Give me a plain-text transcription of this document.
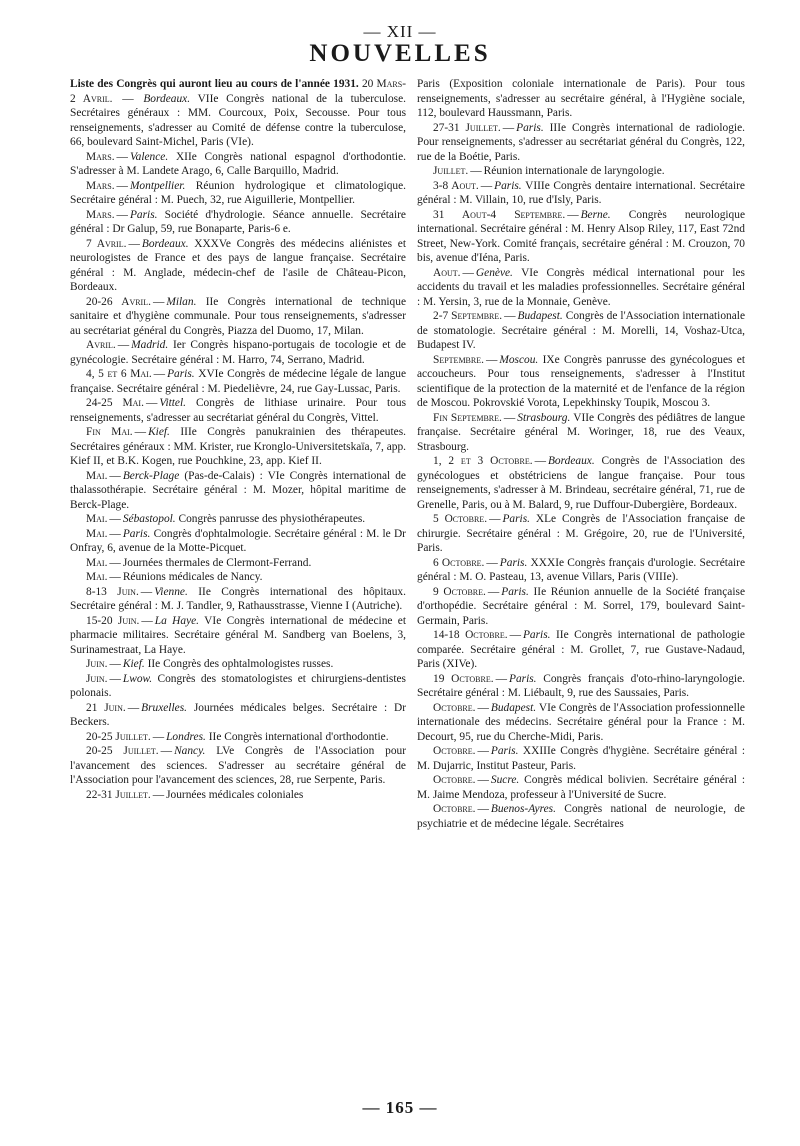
— XII —
NOUVELLES

Liste des Congrès qui auront lieu au cours de l'année 1931. 20 Mars-2 Avril. — Bordeaux. VIIe Congrès national de la tuberculose. Secrétaires généraux : MM. Courcoux, Poix, Secousse. Pour tous renseignements, s'adresser au Comité de défense contre la tuberculose, 66, boulevard Saint-Michel, Paris (VIe).

Mars. — Valence. XIIe Congrès national espagnol d'orthodontie. S'adresser à M. Landete Arago, 6, Calle Barquillo, Madrid.

Mars. — Montpellier. Réunion hydrologique et climatologique. Secrétaire général : M. Puech, 32, rue Aiguillerie, Montpellier.

Mars. — Paris. Société d'hydrologie. Séance annuelle. Secrétaire général : Dr Galup, 59, rue Bonaparte, Paris-6 e.

7 Avril. — Bordeaux. XXXVe Congrès des médecins aliénistes et neurologistes de France et des pays de langue française. Secrétaire général : M. Anglade, médecin-chef de l'asile de Château-Picon, Bordeaux.

20-26 Avril. — Milan. IIe Congrès international de technique sanitaire et d'hygiène communale. Pour tous renseignements, s'adresser au secrétariat général du Congrès, Piazza del Duomo, 17, Milan.

Avril. — Madrid. Ier Congrès hispano-portugais de tocologie et de gynécologie. Secrétaire général : M. Harro, 74, Serrano, Madrid.

4, 5 et 6 Mai. — Paris. XVIe Congrès de médecine légale de langue française. Secrétaire général : M. Piedelièvre, 24, rue Gay-Lussac, Paris.

24-25 Mai. — Vittel. Congrès de lithiase urinaire. Pour tous renseignements, s'adresser au secrétariat général du Congrès, Vittel.

Fin Mai. — Kief. IIIe Congrès panukrainien des thérapeutes. Secrétaires généraux : MM. Krister, rue Kronglo-Universitetskaïa, 7, app. Kief II, et B.K. Kogen, rue Pouchkine, 23, app. Kief II.

Mai. — Berck-Plage (Pas-de-Calais) : VIe Congrès international de thalassothérapie. Secrétaire général : M. Mozer, hôpital maritime de Berck-Plage.

Mai. — Sébastopol. Congrès panrusse des physiothérapeutes.

Mai. — Paris. Congrès d'ophtalmologie. Secrétaire général : M. le Dr Onfray, 6, avenue de la Motte-Picquet.

Mai. — Journées thermales de Clermont-Ferrand.

Mai. — Réunions médicales de Nancy.

8-13 Juin. — Vienne. IIe Congrès international des hôpitaux. Secrétaire général : M. J. Tandler, 9, Rathausstrasse, Vienne I (Autriche).

15-20 Juin. — La Haye. VIe Congrès international de médecine et pharmacie militaires. Secrétaire général M. Sandberg van Boelens, 3, Surinamestraat, La Haye.

Juin. — Kief. IIe Congrès des ophtalmologistes russes.

Juin. — Lwow. Congrès des stomatologistes et chirurgiens-dentistes polonais.

21 Juin. — Bruxelles. Journées médicales belges. Secrétaire : Dr Beckers.

20-25 Juillet. — Londres. IIe Congrès international d'orthodontie.

20-25 Juillet. — Nancy. LVe Congrès de l'Association pour l'avancement des sciences. S'adresser au secrétaire général de l'Association pour l'avancement des sciences, 28, rue Serpente, Paris.

22-31 Juillet. — Journées médicales coloniales

Paris (Exposition coloniale internationale de Paris). Pour tous renseignements, s'adresser au secrétaire général, à l'Hygiène sociale, 112, boulevard Haussmann, Paris.

27-31 Juillet. — Paris. IIIe Congrès international de radiologie. Pour renseignements, s'adresser au secrétariat général du Congrès, 122, rue de la Boétie, Paris.

Juillet. — Réunion internationale de laryngologie.

3-8 Aout. — Paris. VIIIe Congrès dentaire international. Secrétaire général : M. Villain, 10, rue d'Isly, Paris.

31 Aout-4 Septembre. — Berne. Congrès neurologique international. Secrétaire général : M. Henry Alsop Riley, 117, East 72nd Street, New-York. Comité français, secrétaire général : M. Crouzon, 70 bis, avenue d'Iéna, Paris.

Aout. — Genève. VIe Congrès médical international pour les accidents du travail et les maladies professionnelles. Secrétaire général : M. Yersin, 3, rue de la Monnaie, Genève.

2-7 Septembre. — Budapest. Congrès de l'Association internationale de stomatologie. Secrétaire général : M. Morelli, 14, Voshaz-Utca, Budapest IV.

Septembre. — Moscou. IXe Congrès panrusse des gynécologues et accoucheurs. Pour tous renseignements, s'adresser à l'Institut scientifique de la protection de la maternité et de l'enfance de la région de Moscou. Pokrovskié Vorota, Lepekhinsky Toupik, Moscou 3.

Fin Septembre. — Strasbourg. VIIe Congrès des pédiâtres de langue française. Secrétaire général M. Woringer, 18, rue des Veaux, Strasbourg.

1, 2 et 3 Octobre. — Bordeaux. Congrès de l'Association des gynécologues et obstétriciens de langue française. Pour tous renseignements, s'adresser à M. Brindeau, secrétaire général, 71, rue de Grenelle, Paris, ou à M. Balard, 9, rue Duffour-Dubergière, Bordeaux.

5 Octobre. — Paris. XLe Congrès de l'Association française de chirurgie. Secrétaire général : M. Grégoire, 20, rue de l'Université, Paris.

6 Octobre. — Paris. XXXIe Congrès français d'urologie. Secrétaire général : M. O. Pasteau, 13, avenue Villars, Paris (VIIIe).

9 Octobre. — Paris. IIe Réunion annuelle de la Société française d'orthopédie. Secrétaire général : M. Sorrel, 179, boulevard Saint-Germain, Paris.

14-18 Octobre. — Paris. IIe Congrès international de pathologie comparée. Secrétaire général : M. Grollet, 7, rue Gustave-Nadaud, Paris (XIVe).

19 Octobre. — Paris. Congrès français d'oto-rhino-laryngologie. Secrétaire général : M. Liébault, 9, rue des Saussaies, Paris.

Octobre. — Budapest. VIe Congrès de l'Association professionnelle internationale des médecins. Secrétaire général pour la France : M. Decourt, 95, rue du Cherche-Midi, Paris.

Octobre. — Paris. XXIIIe Congrès d'hygiène. Secrétaire général : M. Dujarric, Institut Pasteur, Paris.

Octobre. — Sucre. Congrès médical bolivien. Secrétaire général : M. Jaime Mendoza, professeur à l'Université de Sucre.

Octobre. — Buenos-Ayres. Congrès national de neurologie, de psychiatrie et de médecine légale. Secrétaires

— 165 —
